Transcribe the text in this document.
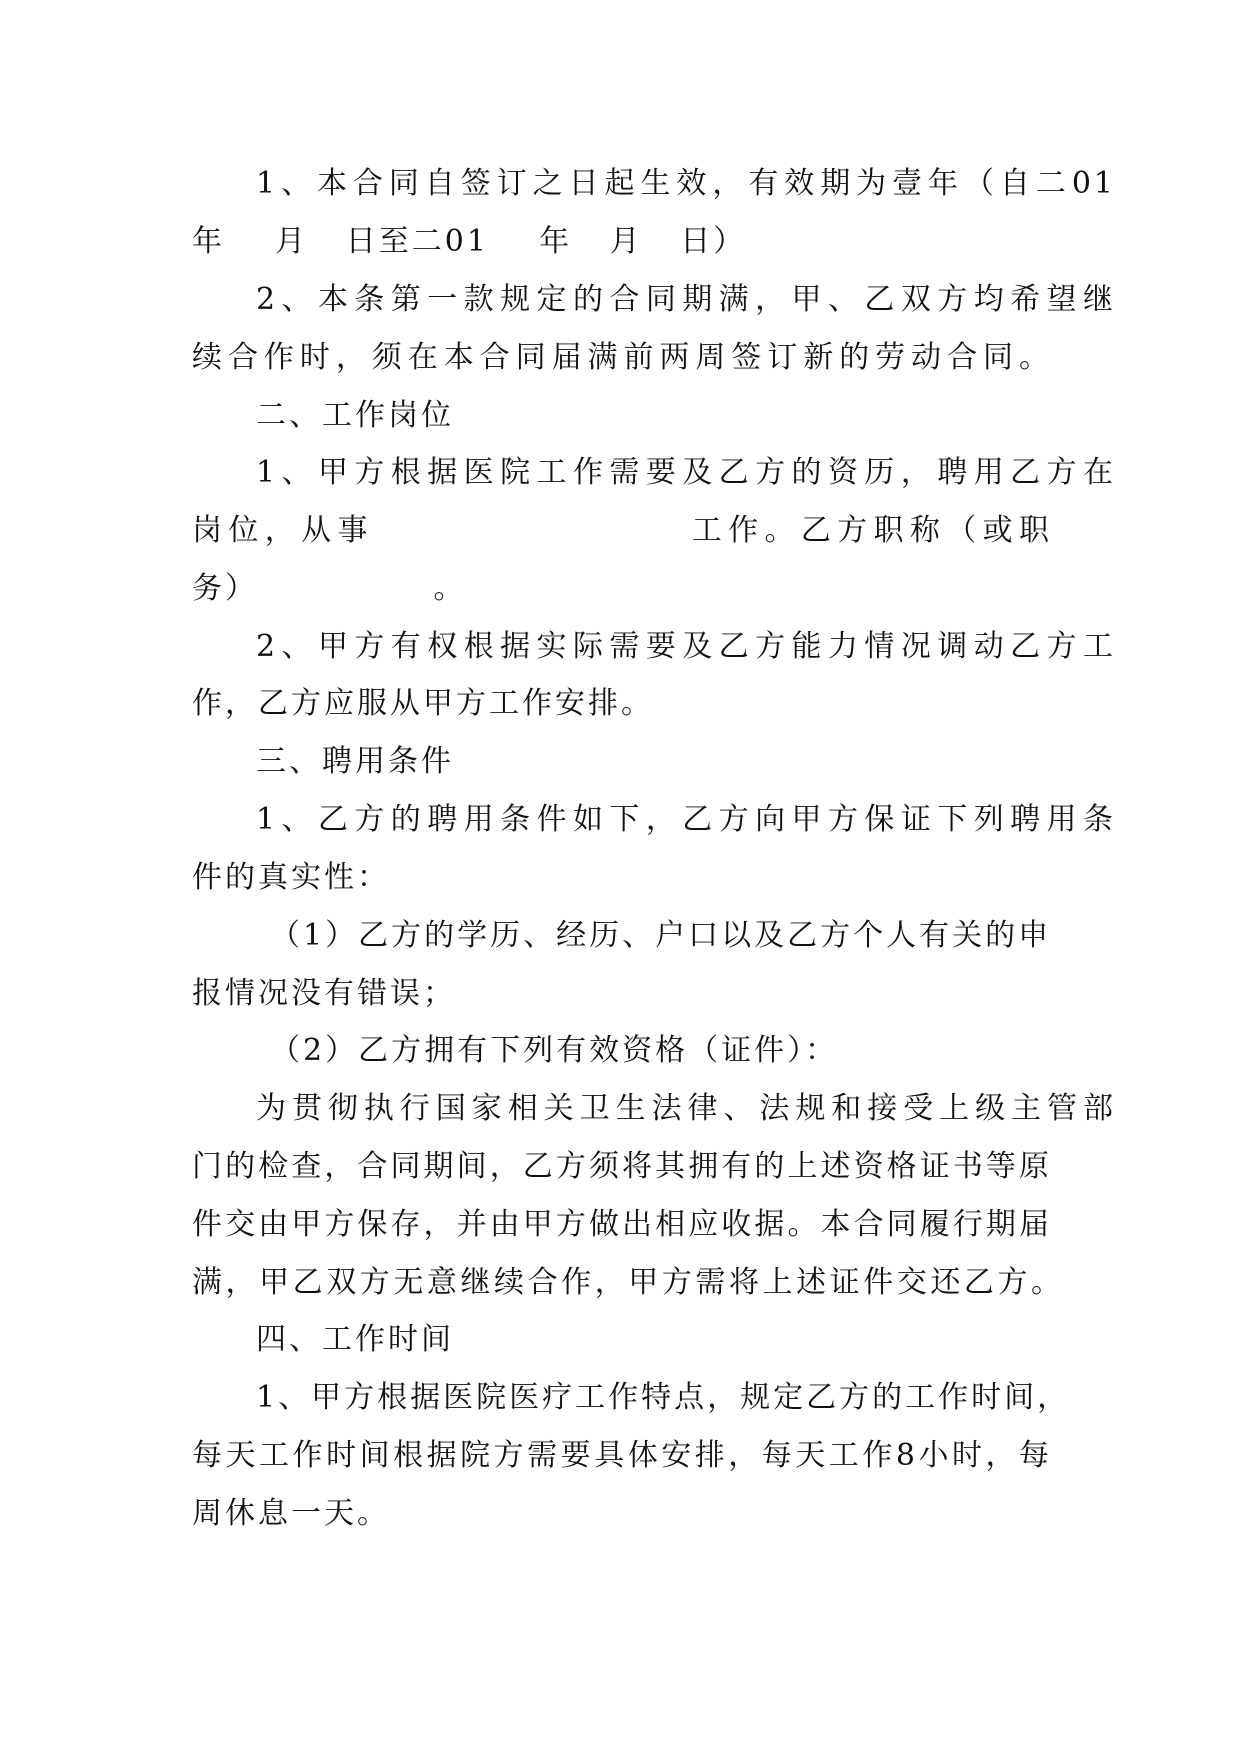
1、本合同自签订之日起生效，有效期为壹年（自二01
年    月   日至二01    年   月   日）
2、本条第一款规定的合同期满，甲、乙双方均希望继
续合作时，须在本合同届满前两周签订新的劳动合同。
二、工作岗位
1、甲方根据医院工作需要及乙方的资历，聘用乙方在
岗位，从事                    工作。乙方职称（或职
务）              。
2、甲方有权根据实际需要及乙方能力情况调动乙方工
作，乙方应服从甲方工作安排。
三、聘用条件
1、乙方的聘用条件如下，乙方向甲方保证下列聘用条
件的真实性：
（1）乙方的学历、经历、户口以及乙方个人有关的申
报情况没有错误；
（2）乙方拥有下列有效资格（证件）：
为贯彻执行国家相关卫生法律、法规和接受上级主管部
门的检查，合同期间，乙方须将其拥有的上述资格证书等原
件交由甲方保存，并由甲方做出相应收据。本合同履行期届
满，甲乙双方无意继续合作，甲方需将上述证件交还乙方。
四、工作时间
1、甲方根据医院医疗工作特点，规定乙方的工作时间，
每天工作时间根据院方需要具体安排，每天工作8小时，每
周休息一天。
